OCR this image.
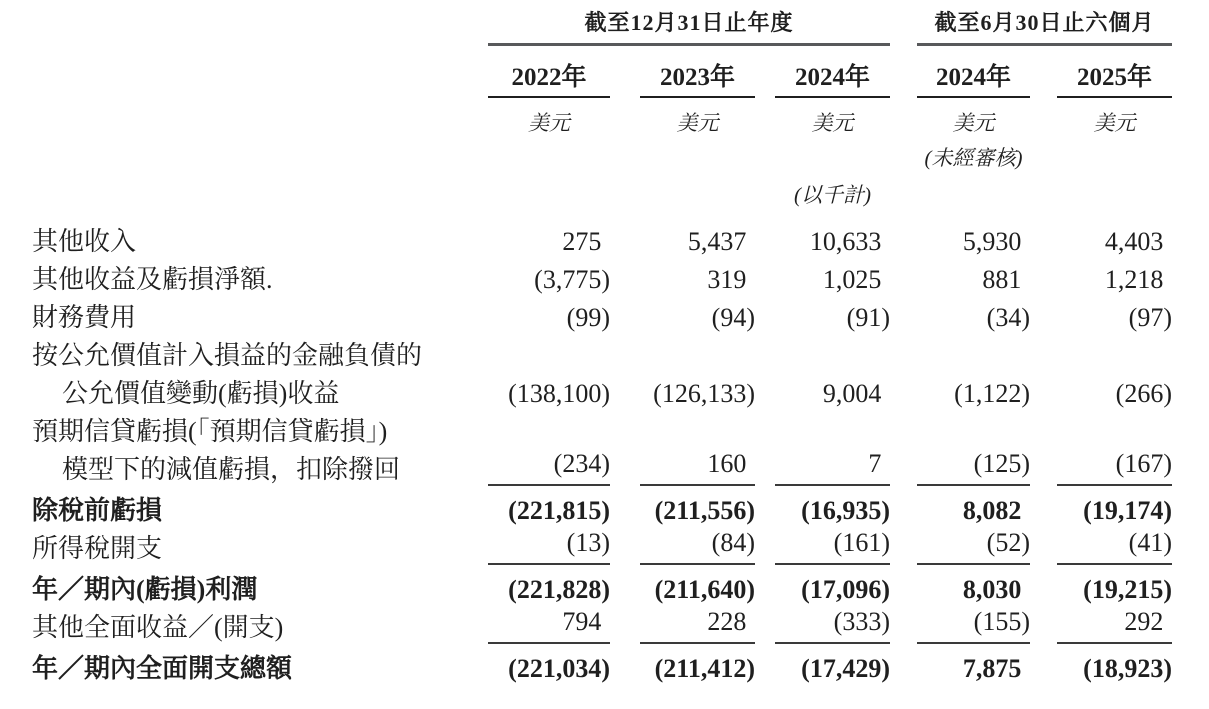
	截至12月31日止年度						截至6月30日止六個月		
	2022年		2023年		2024年		2024年		2025年
	美元		美元		美元		美元		美元
							(未經審核)		
					(以千計)				
其他收入	275		5,437		10,633		5,930		4,403
其他收益及虧損淨額.	(3,775)		319		1,025		881		1,218
財務費用	(99)		(94)		(91)		(34)		(97)
按公允價值計入損益的金融負債的									
公允價值變動(虧損)收益	(138,100)		(126,133)		9,004		(1,122)		(266)
預期信貸虧損(「預期信貸虧損」)									
模型下的減值虧損，扣除撥回	(234)		160		7		(125)		(167)
除稅前虧損	(221,815)		(211,556)		(16,935)		8,082		(19,174)
所得稅開支	(13)		(84)		(161)		(52)		(41)
年／期內(虧損)利潤	(221,828)		(211,640)		(17,096)		8,030		(19,215)
其他全面收益／(開支)	794		228		(333)		(155)		292
年／期內全面開支總額	(221,034)		(211,412)		(17,429)		7,875		(18,923)
